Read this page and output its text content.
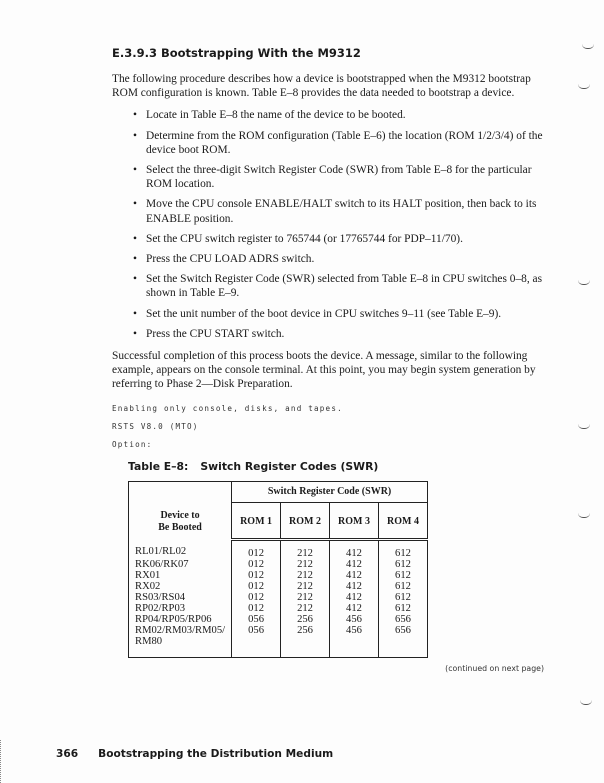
E.3.9.3 Bootstrapping With the M9312
The following procedure describes how a device is bootstrapped when the M9312 bootstrap ROM configuration is known. Table E–8 provides the data needed to bootstrap a device.
• Locate in Table E–8 the name of the device to be booted.
• Determine from the ROM configuration (Table E–6) the location (ROM 1/2/3/4) of the device boot ROM.
• Select the three-digit Switch Register Code (SWR) from Table E–8 for the particular ROM location.
• Move the CPU console ENABLE/HALT switch to its HALT position, then back to its ENABLE position.
• Set the CPU switch register to 765744 (or 17765744 for PDP–11/70).
• Press the CPU LOAD ADRS switch.
• Set the Switch Register Code (SWR) selected from Table E–8 in CPU switches 0–8, as shown in Table E–9.
• Set the unit number of the boot device in CPU switches 9–11 (see Table E–9).
• Press the CPU START switch.
Successful completion of this process boots the device. A message, similar to the following example, appears on the console terminal. At this point, you may begin system generation by referring to Phase 2—Disk Preparation.
Enabling only console, disks, and tapes.
RSTS V8.0 (MTO)
Option:
Table E–8: Switch Register Codes (SWR)
Device to
Be Booted	Switch Register Code (SWR)			
	ROM 1	ROM 2	ROM 3	ROM 4
RL01/RL02	012	212	412	612
RK06/RK07	012	212	412	612
RX01	012	212	412	612
RX02	012	212	412	612
RS03/RS04	012	212	412	612
RP02/RP03	012	212	412	612
RP04/RP05/RP06	056	256	456	656
RM02/RM03/RM05/ RM80	056	256	456	656
(continued on next page)
366 Bootstrapping the Distribution Medium
